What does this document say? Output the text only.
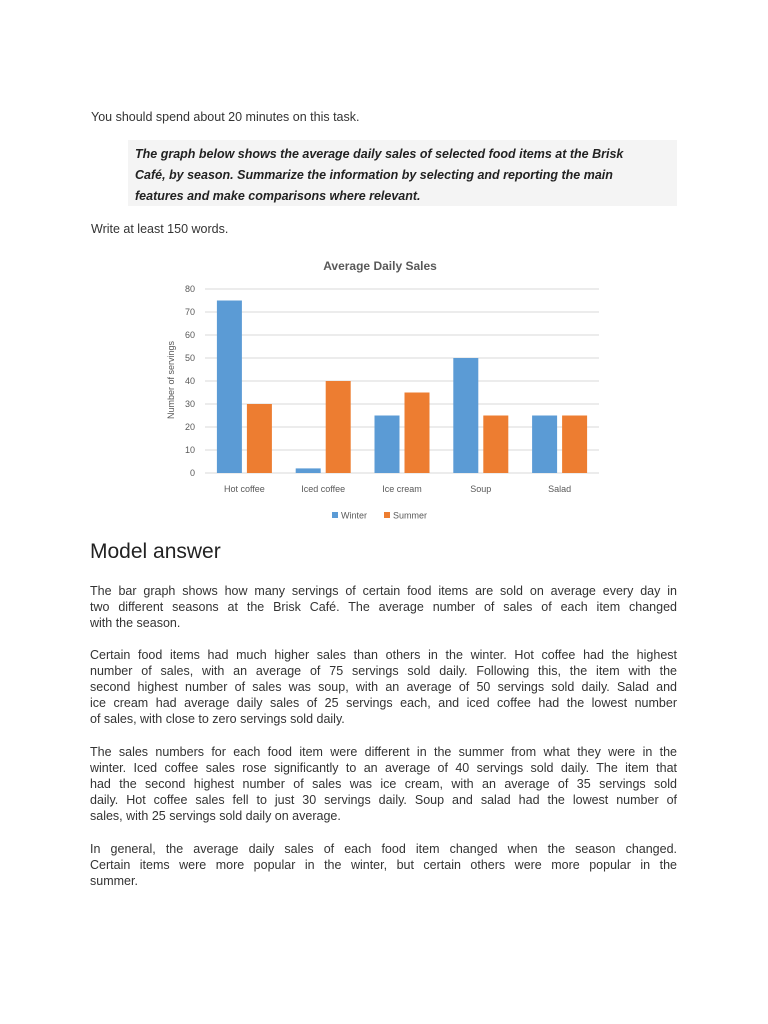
You should spend about 20 minutes on this task.
The graph below shows the average daily sales of selected food items at the Brisk
Café, by season. Summarize the information by selecting and reporting the main
features and make comparisons where relevant.
Write at least 150 words.
Average Daily Sales
0
10
20
30
40
50
60
70
80
Number of servings
Hot coffee	Iced coffee	Ice cream	Soup	Salad
Winter	Summer
Model answer
The bar graph shows how many servings of certain food items are sold on average every day in
two different seasons at the Brisk Café. The average number of sales of each item changed
with the season.
Certain food items had much higher sales than others in the winter. Hot coffee had the highest
number of sales, with an average of 75 servings sold daily. Following this, the item with the
second highest number of sales was soup, with an average of 50 servings sold daily. Salad and
ice cream had average daily sales of 25 servings each, and iced coffee had the lowest number
of sales, with close to zero servings sold daily.
The sales numbers for each food item were different in the summer from what they were in the
winter. Iced coffee sales rose significantly to an average of 40 servings sold daily. The item that
had the second highest number of sales was ice cream, with an average of 35 servings sold
daily. Hot coffee sales fell to just 30 servings daily. Soup and salad had the lowest number of
sales, with 25 servings sold daily on average.
In general, the average daily sales of each food item changed when the season changed.
Certain items were more popular in the winter, but certain others were more popular in the
summer.
